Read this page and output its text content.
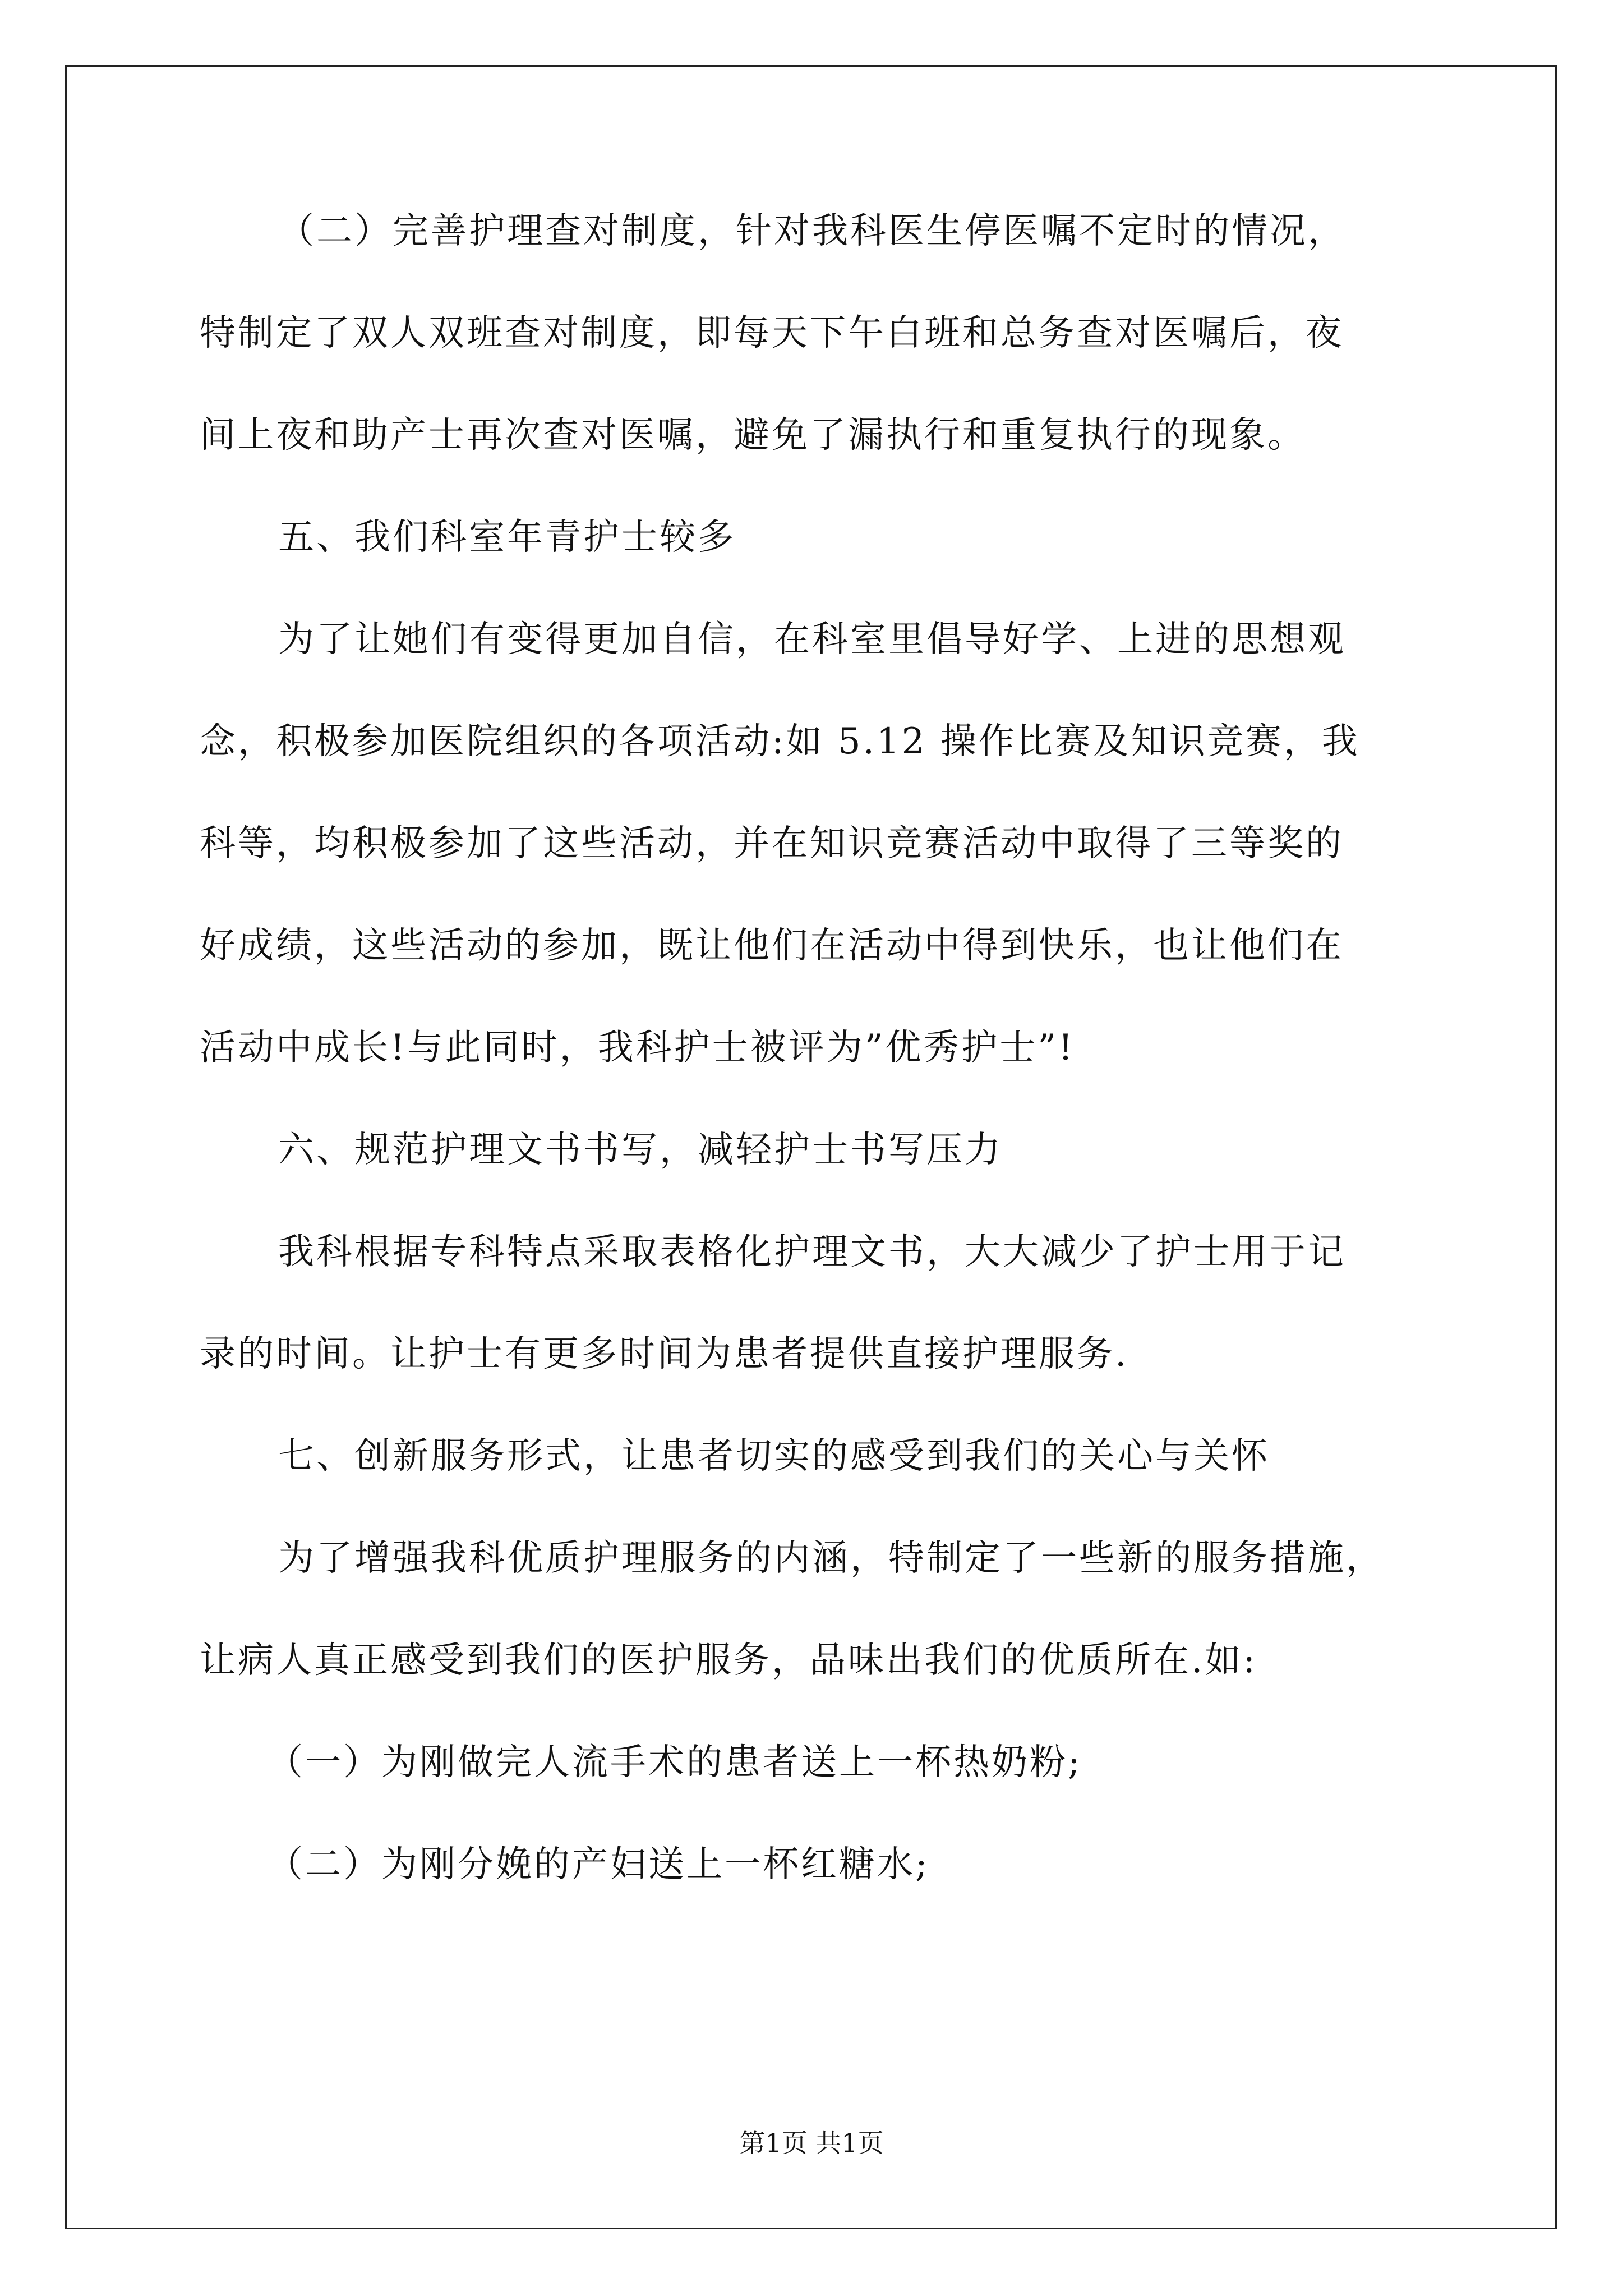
（二）完善护理查对制度，针对我科医生停医嘱不定时的情况，
特制定了双人双班查对制度，即每天下午白班和总务查对医嘱后，夜
间上夜和助产士再次查对医嘱，避免了漏执行和重复执行的现象。
五、我们科室年青护士较多
为了让她们有变得更加自信，在科室里倡导好学、上进的思想观
念，积极参加医院组织的各项活动:如 5.12 操作比赛及知识竞赛，我
科等，均积极参加了这些活动，并在知识竞赛活动中取得了三等奖的
好成绩，这些活动的参加，既让他们在活动中得到快乐，也让他们在
活动中成长!与此同时，我科护士被评为”优秀护士”!
六、规范护理文书书写，减轻护士书写压力
我科根据专科特点采取表格化护理文书，大大减少了护士用于记
录的时间。让护士有更多时间为患者提供直接护理服务.
七、创新服务形式，让患者切实的感受到我们的关心与关怀
为了增强我科优质护理服务的内涵，特制定了一些新的服务措施，
让病人真正感受到我们的医护服务，品味出我们的优质所在.如:
（一）为刚做完人流手术的患者送上一杯热奶粉;
（二）为刚分娩的产妇送上一杯红糖水;
第1页 共1页
